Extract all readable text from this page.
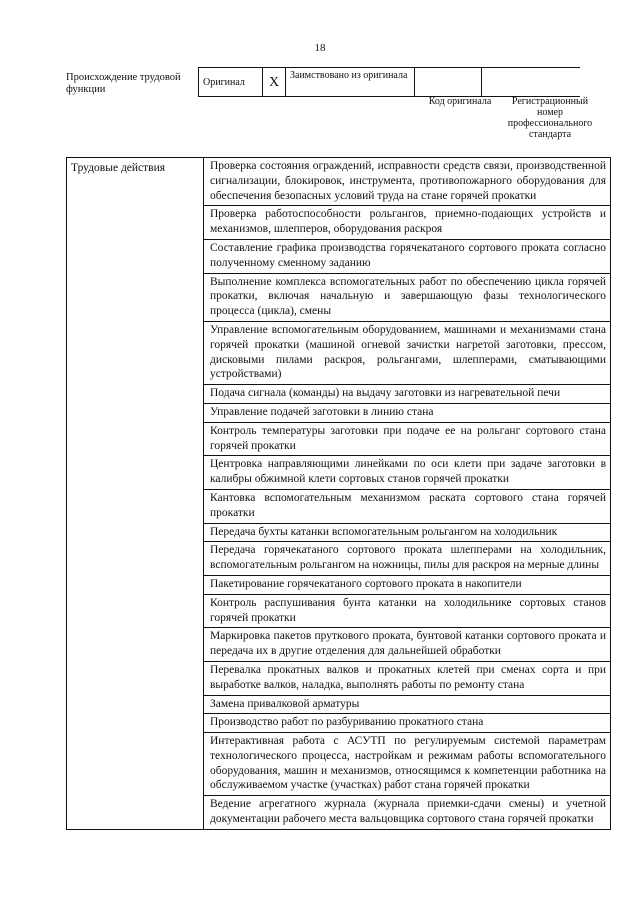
18
Происхождение трудовой функции
Оригинал	X	Заимствовано из оригинала		
Код оригинала	Регистрационный номер профессионального стандарта
Трудовые действия	Проверка состояния ограждений, исправности средств связи, производственной сигнализации, блокировок, инструмента, противопожарного оборудования для обеспечения безопасных условий труда на стане горячей прокатки
Проверка работоспособности рольгангов, приемно-подающих устройств и механизмов, шлепперов, оборудования раскроя
Составление графика производства горячекатаного сортового проката согласно полученному сменному заданию
Выполнение комплекса вспомогательных работ по обеспечению цикла горячей прокатки, включая начальную и завершающую фазы технологического процесса (цикла), смены
Управление вспомогательным оборудованием, машинами и механизмами стана горячей прокатки (машиной огневой зачистки нагретой заготовки, прессом, дисковыми пилами раскроя, рольгангами, шлепперами, сматывающими устройствами)
Подача сигнала (команды) на выдачу заготовки из нагревательной печи
Управление подачей заготовки в линию стана
Контроль температуры заготовки при подаче ее на рольганг сортового стана горячей прокатки
Центровка направляющими линейками по оси клети при задаче заготовки в калибры обжимной клети сортовых станов горячей прокатки
Кантовка вспомогательным механизмом раската сортового стана горячей прокатки
Передача бухты катанки вспомогательным рольгангом на холодильник
Передача горячекатаного сортового проката шлепперами на холодильник, вспомогательным рольгангом на ножницы, пилы для раскроя на мерные длины
Пакетирование горячекатаного сортового проката в накопители
Контроль распушивания бунта катанки на холодильнике сортовых станов горячей прокатки
Маркировка пакетов пруткового проката, бунтовой катанки сортового проката и передача их в другие отделения для дальнейшей обработки
Перевалка прокатных валков и прокатных клетей при сменах сорта и при выработке валков, наладка, выполнять работы по ремонту стана
Замена привалковой арматуры
Производство работ по разбуриванию прокатного стана
Интерактивная работа с АСУТП по регулируемым системой параметрам технологического процесса, настройкам и режимам работы вспомогательного оборудования, машин и механизмов, относящимся к компетенции работника на обслуживаемом участке (участках) работ стана горячей прокатки
Ведение агрегатного журнала (журнала приемки-сдачи смены) и учетной документации рабочего места вальцовщика сортового стана горячей прокатки
